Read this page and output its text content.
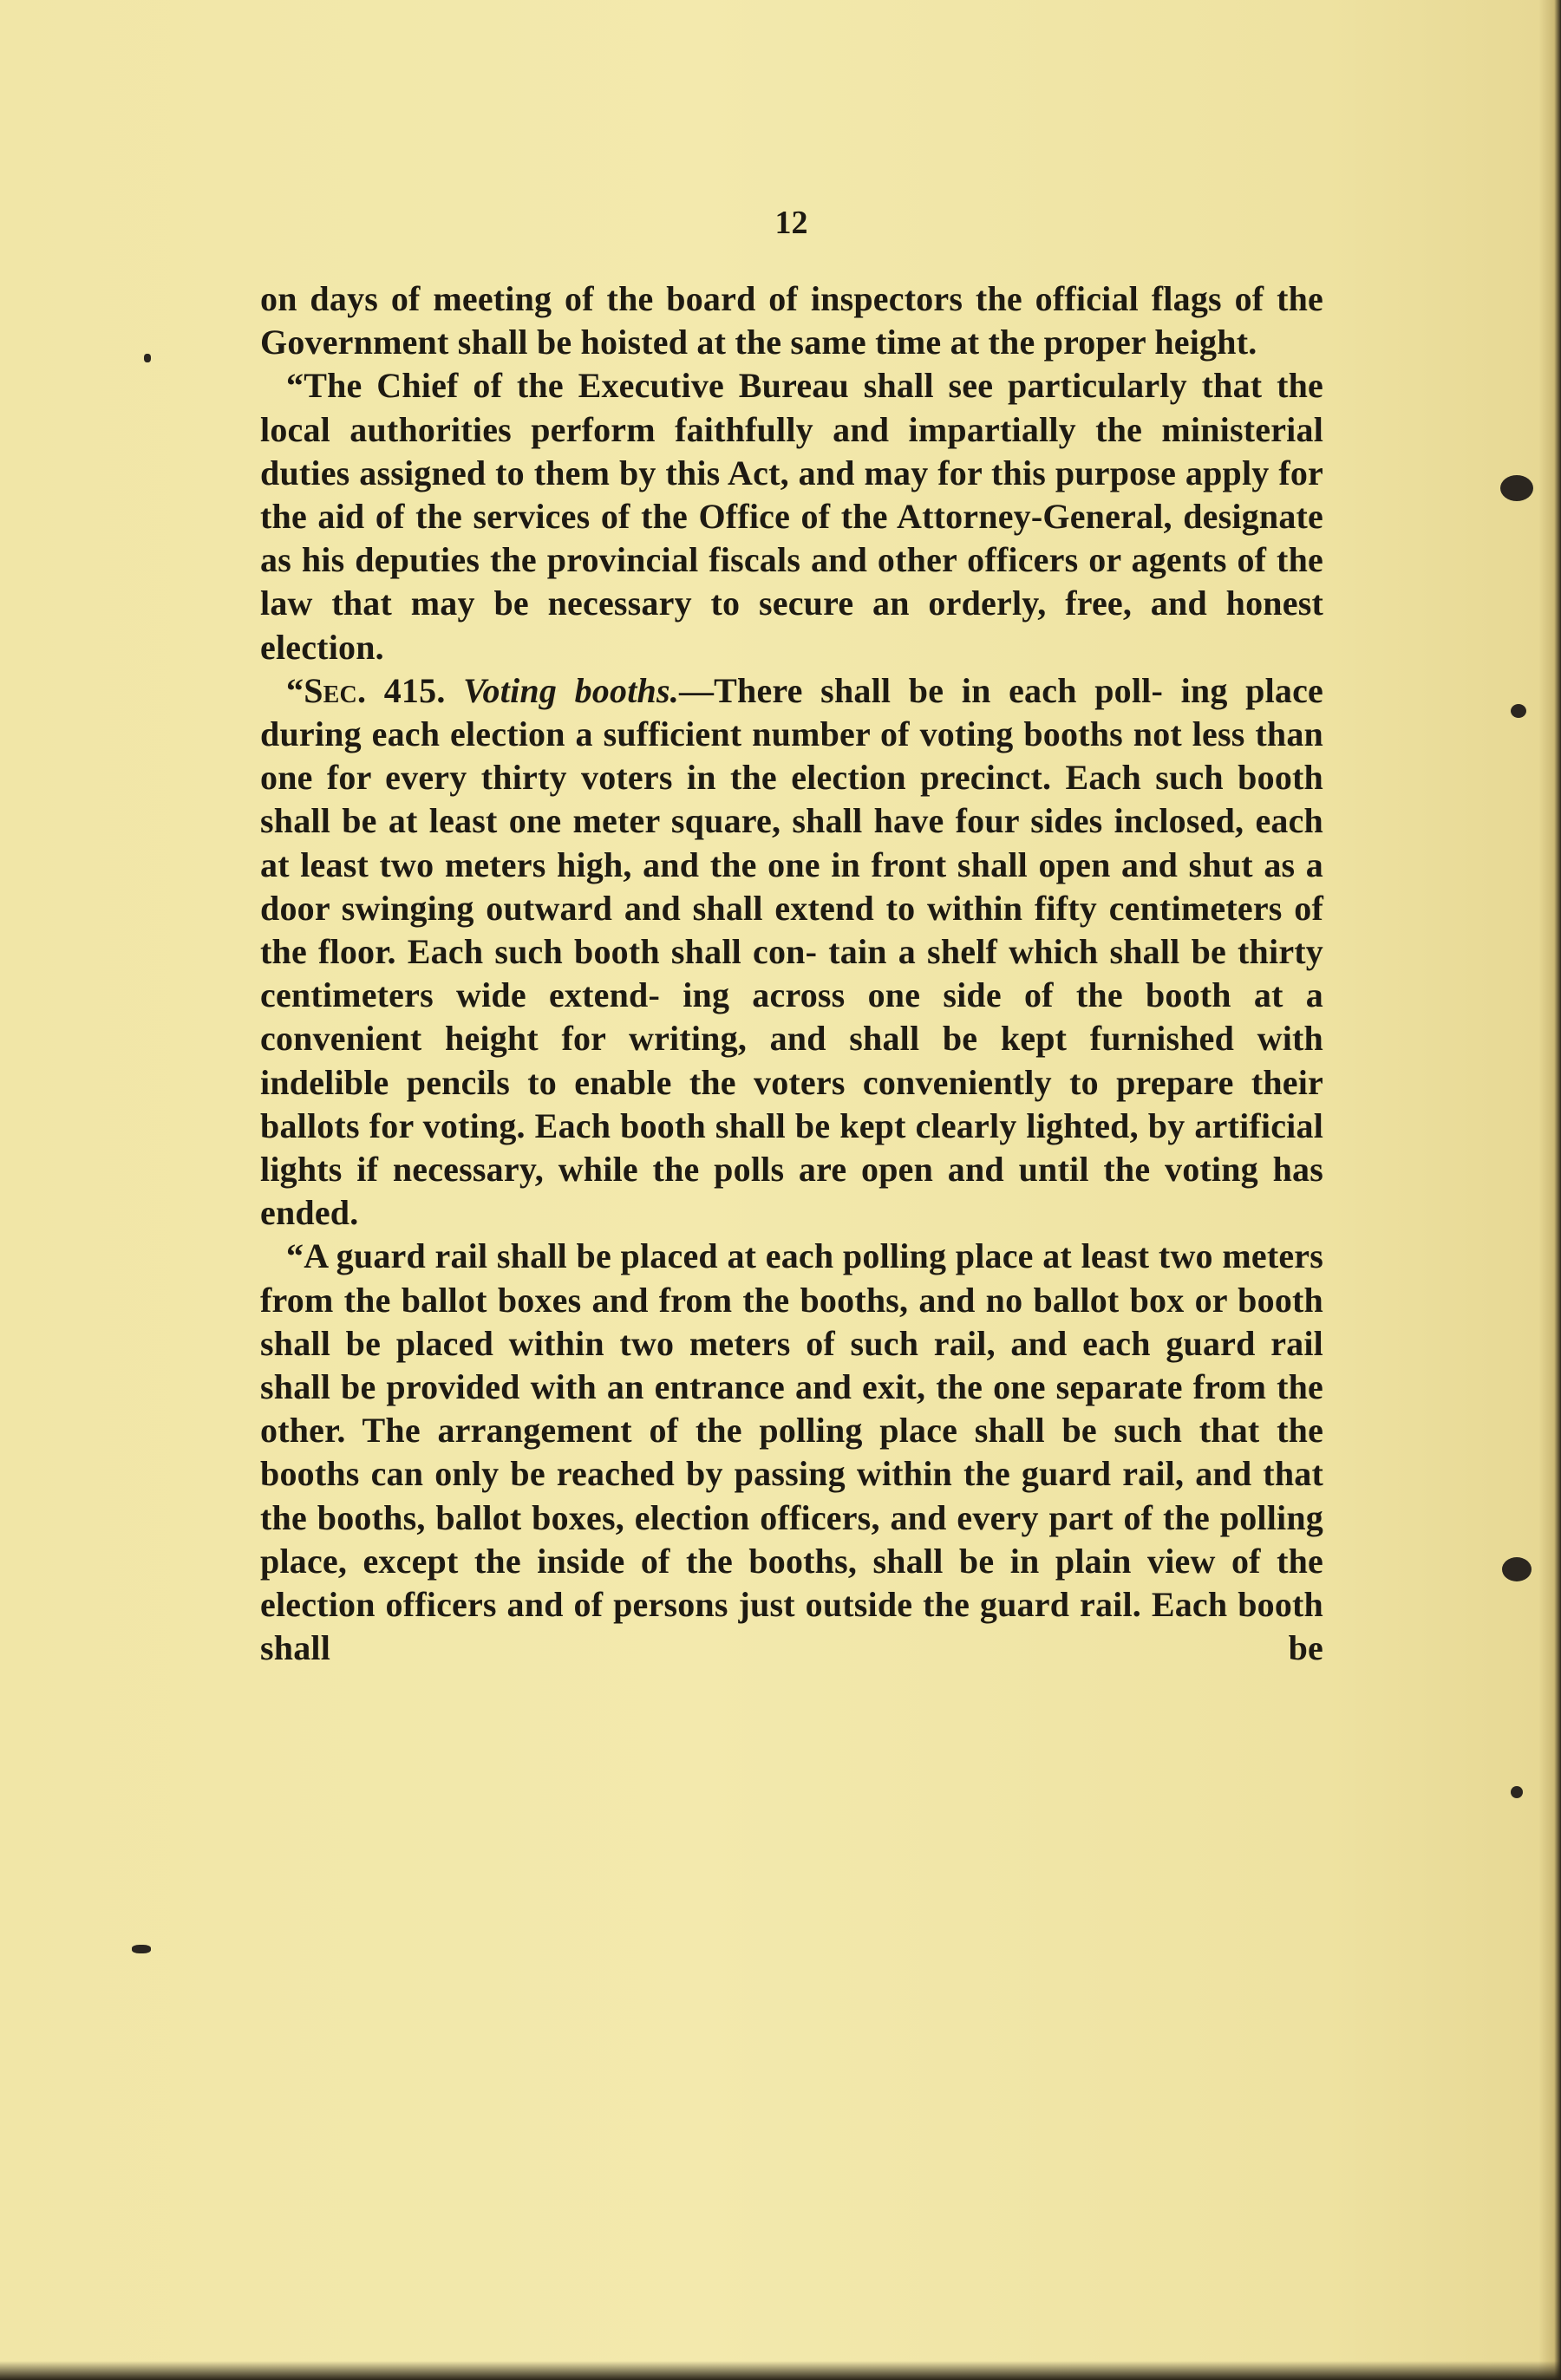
12

on days of meeting of the board of inspectors the official flags of the Government shall be hoisted at the same time at the proper height.

“The Chief of the Executive Bureau shall see particularly that the local authorities perform faithfully and impartially the ministerial duties assigned to them by this Act, and may for this purpose apply for the aid of the services of the Office of the Attorney-General, designate as his deputies the provincial fiscals and other officers or agents of the law that may be necessary to secure an orderly, free, and honest election.

“Sec. 415. Voting booths.—There shall be in each poll- ing place during each election a sufficient number of voting booths not less than one for every thirty voters in the election precinct. Each such booth shall be at least one meter square, shall have four sides inclosed, each at least two meters high, and the one in front shall open and shut as a door swinging outward and shall extend to within fifty centimeters of the floor. Each such booth shall con- tain a shelf which shall be thirty centimeters wide extend- ing across one side of the booth at a convenient height for writing, and shall be kept furnished with indelible pencils to enable the voters conveniently to prepare their ballots for voting. Each booth shall be kept clearly lighted, by artificial lights if necessary, while the polls are open and until the voting has ended.

“A guard rail shall be placed at each polling place at least two meters from the ballot boxes and from the booths, and no ballot box or booth shall be placed within two meters of such rail, and each guard rail shall be provided with an entrance and exit, the one separate from the other. The arrangement of the polling place shall be such that the booths can only be reached by passing within the guard rail, and that the booths, ballot boxes, election officers, and every part of the polling place, except the inside of the booths, shall be in plain view of the election officers and of persons just outside the guard rail. Each booth shall be
